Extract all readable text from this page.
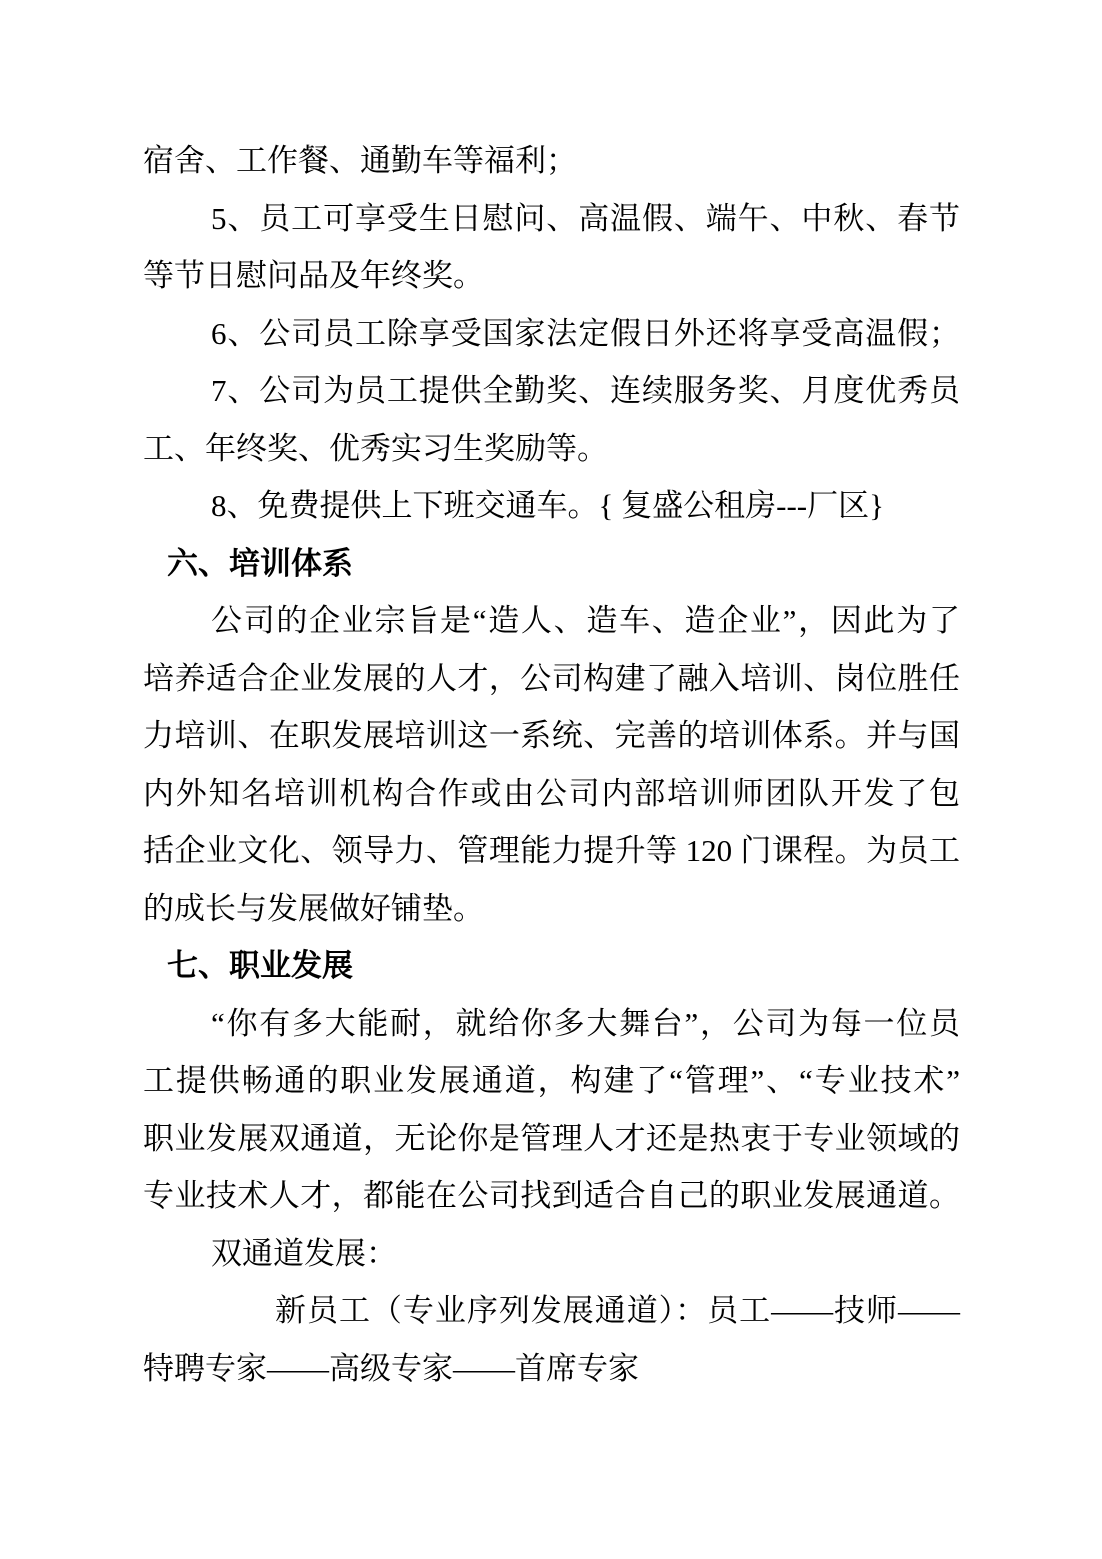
宿舍、工作餐、通勤车等福利；
5、员工可享受生日慰问、高温假、端午、中秋、春节
等节日慰问品及年终奖。
6、公司员工除享受国家法定假日外还将享受高温假；
7、公司为员工提供全勤奖、连续服务奖、月度优秀员
工、年终奖、优秀实习生奖励等。
8、免费提供上下班交通车。{ 复盛公租房---厂区}
六、培训体系
公司的企业宗旨是“造人、造车、造企业”，因此为了
培养适合企业发展的人才，公司构建了融入培训、岗位胜任
力培训、在职发展培训这一系统、完善的培训体系。并与国
内外知名培训机构合作或由公司内部培训师团队开发了包
括企业文化、领导力、管理能力提升等 120 门课程。为员工
的成长与发展做好铺垫。
七、职业发展
“你有多大能耐，就给你多大舞台”，公司为每一位员
工提供畅通的职业发展通道，构建了“管理”、“专业技术”
职业发展双通道，无论你是管理人才还是热衷于专业领域的
专业技术人才，都能在公司找到适合自己的职业发展通道。
双通道发展：
新员工（专业序列发展通道）：员工——技师——
特聘专家——高级专家——首席专家
